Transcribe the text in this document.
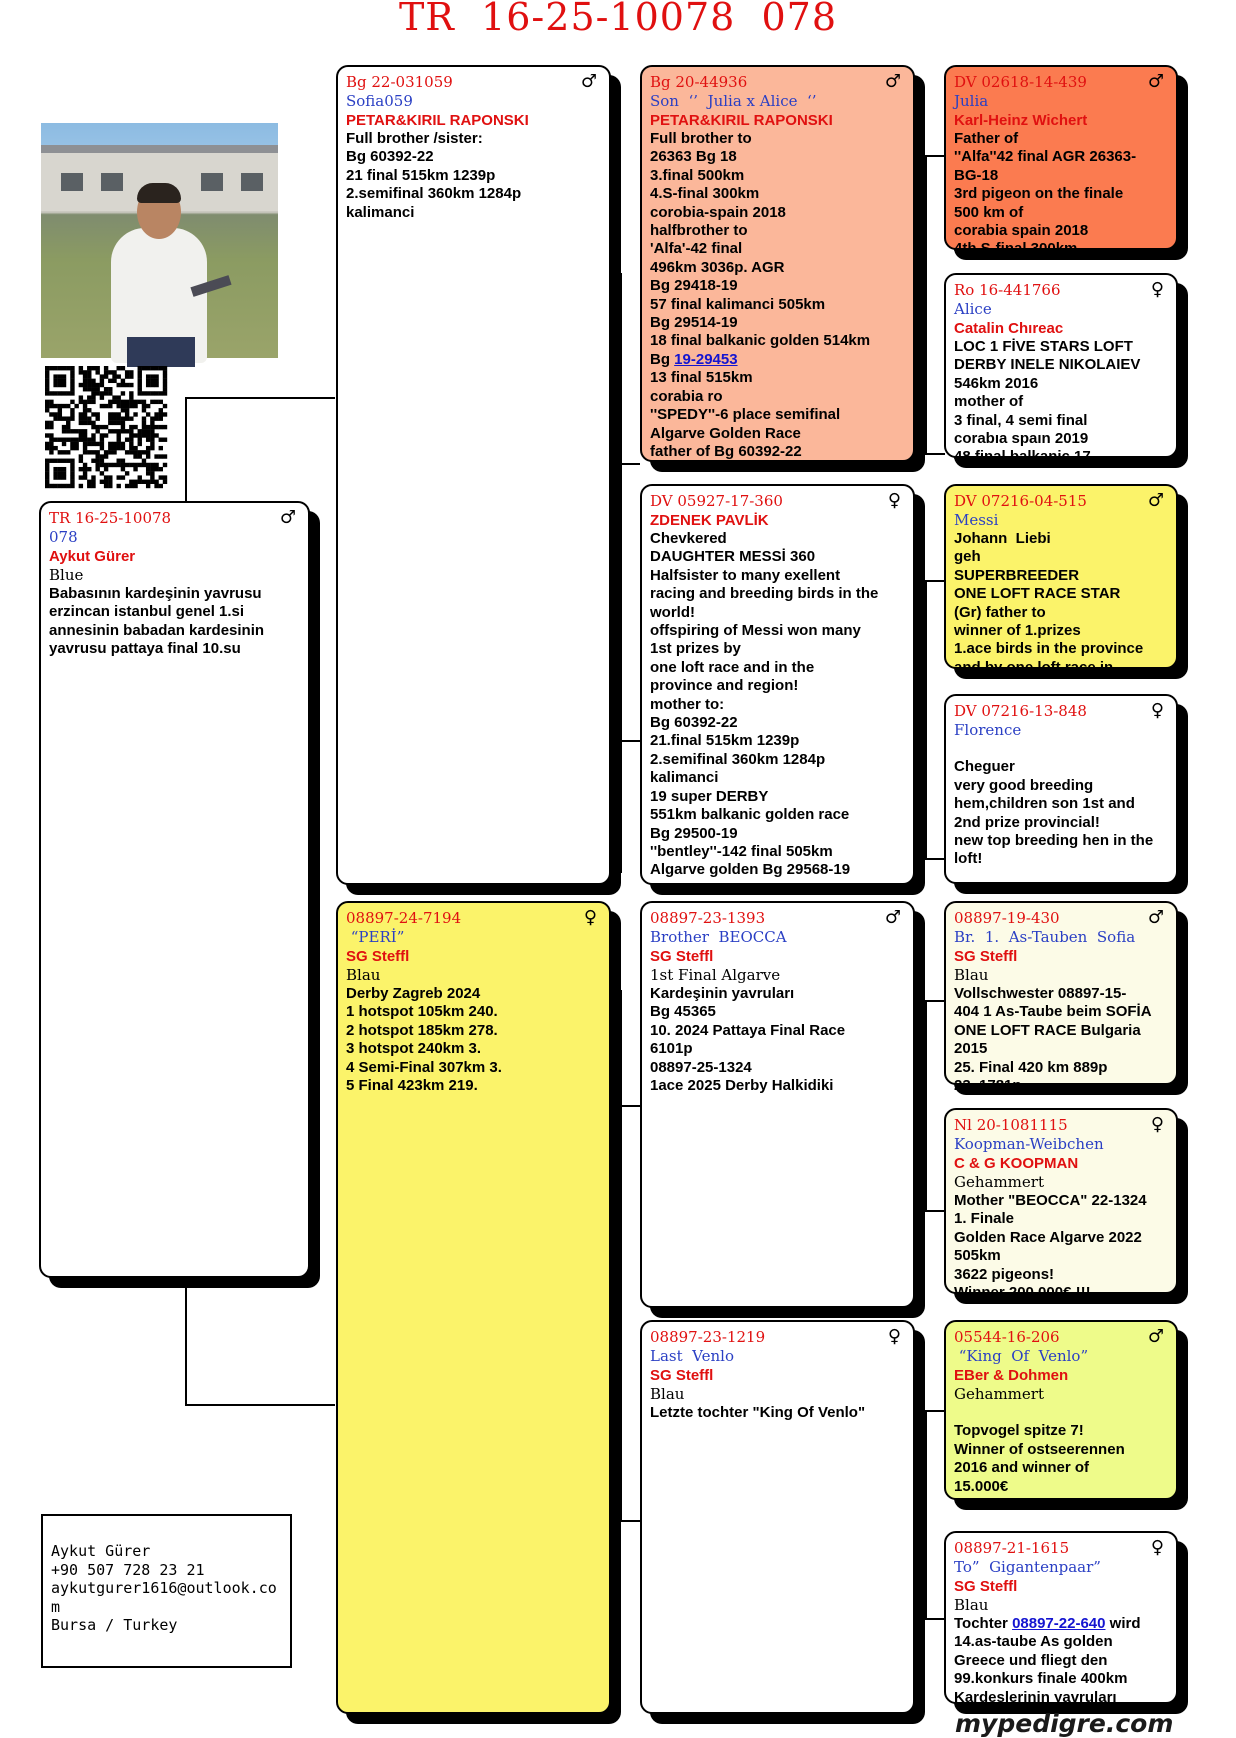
TR  16-25-10078  078
♂
TR 16-25-10078
078
Aykut Gürer
Blue
Babasının kardeşinin yavrusu
erzincan istanbul genel 1.si
annesinin babadan kardesinin
yavrusu pattaya final 10.su
♂
Bg 22-031059
Sofia059
PETAR&KIRIL RAPONSKI
Full brother /sister:
Bg 60392-22
21 final 515km 1239p
2.semifinal 360km 1284p
kalimanci
♀
08897-24-7194
“PERİ”
SG Steffl
Blau
Derby Zagreb 2024
1 hotspot 105km 240.
2 hotspot 185km 278.
3 hotspot 240km 3.
4 Semi-Final 307km 3.
5 Final 423km 219.
♂
Bg 20-44936
Son  ‘’  Julia x Alice  ‘’
PETAR&KIRIL RAPONSKI
Full brother to
26363 Bg 18
3.final 500km
4.S-final 300km
corobia-spain 2018
halfbrother to
'Alfa'-42 final
496km 3036p. AGR
Bg 29418-19
57 final kalimanci 505km
Bg 29514-19
18 final balkanic golden 514km
Bg 19-29453
13 final 515km
corabia ro
''SPEDY''-6 place semifinal
Algarve Golden Race
father of Bg 60392-22
♀
DV 05927-17-360
ZDENEK PAVLİK
Chevkered
DAUGHTER MESSİ 360
Halfsister to many exellent
racing and breeding birds in the
world!
offspiring of Messi won many
1st prizes by
one loft race and in the
province and region!
mother to:
Bg 60392-22
21.final 515km 1239p
2.semifinal 360km 1284p
kalimanci
19 super DERBY
551km balkanic golden race
Bg 29500-19
''bentley''-142 final 505km
Algarve golden Bg 29568-19
♂
08897-23-1393
Brother  BEOCCA
SG Steffl
1st Final Algarve
Kardeşinin yavruları
Bg 45365
10. 2024 Pattaya Final Race
6101p
08897-25-1324
1ace 2025 Derby Halkidiki
♀
08897-23-1219
Last  Venlo
SG Steffl
Blau
Letzte tochter "King Of Venlo"
♂
DV 02618-14-439
Julia
Karl-Heinz Wichert
Father of
''Alfa''42 final AGR 26363-
BG-18
3rd pigeon on the finale
500 km of
corabia spain 2018
4th S-final 300km
♀
Ro 16-441766
Alice
Catalin Chıreac
LOC 1 FİVE STARS LOFT
DERBY INELE NIKOLAIEV
546km 2016
mother of
3 final, 4 semi final
corabıa spaın 2019
48 final balkanic 17
♂
DV 07216-04-515
Messi
Johann  Liebi
geh
SUPERBREEDER
ONE LOFT RACE STAR
(Gr) father to
winner of 1.prizes
1.ace birds in the province
and by one loft race in
♀
DV 07216-13-848
Florence

Cheguer
very good breeding
hem,children son 1st and
2nd prize provincial!
new top breeding hen in the
loft!
♂
08897-19-430
Br.  1.  As-Tauben  Sofia
SG Steffl
Blau
Vollschwester 08897-15-
404 1 As-Taube beim SOFİA
ONE LOFT RACE Bulgaria
2015
25. Final 420 km 889p
23. 1781p
♀
Nl 20-1081115
Koopman-Weibchen
C & G KOOPMAN
Gehammert
Mother "BEOCCA" 22-1324
1. Finale
Golden Race Algarve 2022
505km
3622 pigeons!
Winner 200.000€ !!!
♂
05544-16-206
“King  Of  Venlo”
EBer & Dohmen
Gehammert

Topvogel spitze 7!
Winner of ostseerennen
2016 and winner of
15.000€
♀
08897-21-1615
To”  Gigantenpaar”
SG Steffl
Blau
Tochter 08897-22-640 wird
14.as-taube As golden
Greece und fliegt den
99.konkurs finale 400km
Kardeşlerinin yavruları
Aykut Gürer
+90 507 728 23 21
aykutgurer1616@outlook.co
m
Bursa / Turkey
mypedigre.com
